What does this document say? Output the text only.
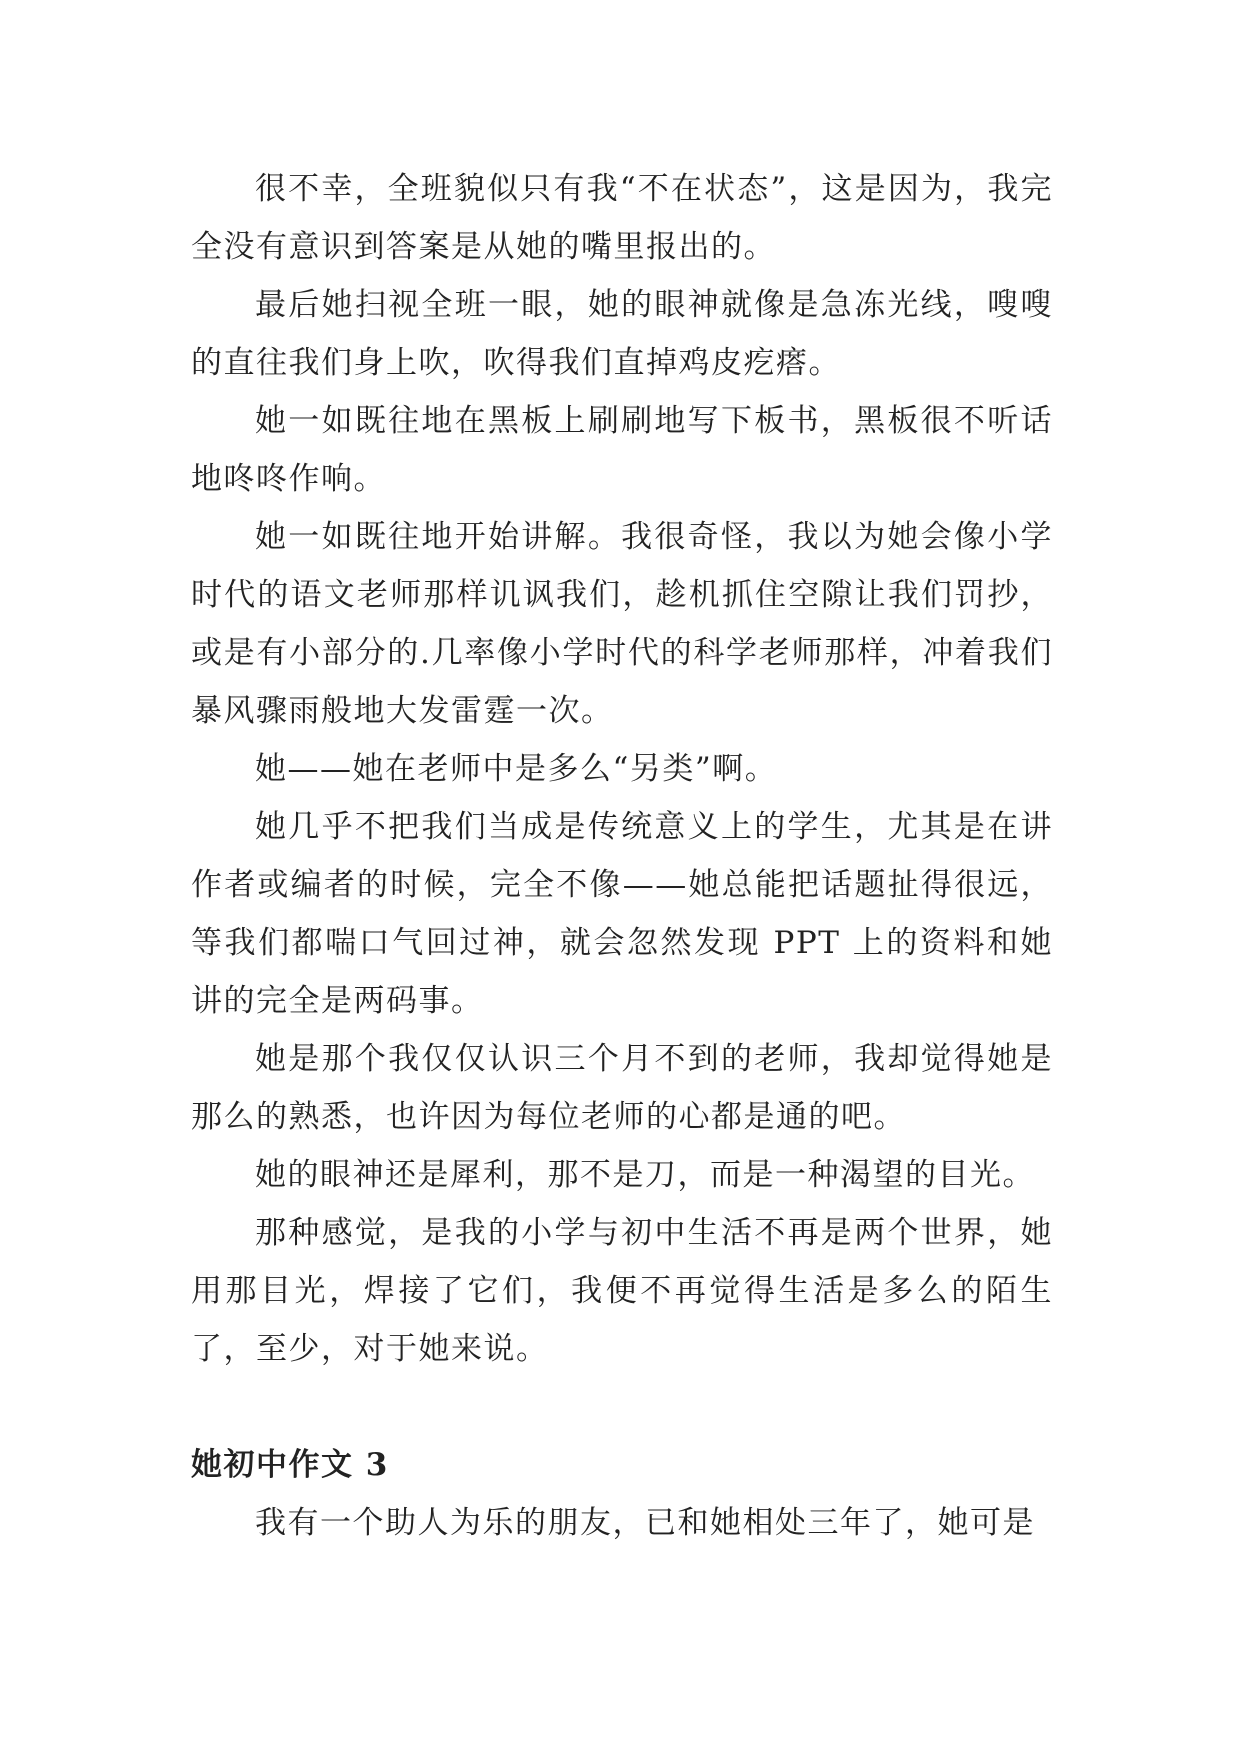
很不幸，全班貌似只有我“不在状态”，这是因为，我完全没有意识到答案是从她的嘴里报出的。

最后她扫视全班一眼，她的眼神就像是急冻光线，嗖嗖的直往我们身上吹，吹得我们直掉鸡皮疙瘩。

她一如既往地在黑板上刷刷地写下板书，黑板很不听话地咚咚作响。

她一如既往地开始讲解。我很奇怪，我以为她会像小学时代的语文老师那样讥讽我们，趁机抓住空隙让我们罚抄，或是有小部分的.几率像小学时代的科学老师那样，冲着我们暴风骤雨般地大发雷霆一次。

她——她在老师中是多么“另类”啊。

她几乎不把我们当成是传统意义上的学生，尤其是在讲作者或编者的时候，完全不像——她总能把话题扯得很远，等我们都喘口气回过神，就会忽然发现 PPT 上的资料和她讲的完全是两码事。

她是那个我仅仅认识三个月不到的老师，我却觉得她是那么的熟悉，也许因为每位老师的心都是通的吧。

她的眼神还是犀利，那不是刀，而是一种渴望的目光。

那种感觉，是我的小学与初中生活不再是两个世界，她用那目光，焊接了它们，我便不再觉得生活是多么的陌生了，至少，对于她来说。

她初中作文 3

我有一个助人为乐的朋友，已和她相处三年了，她可是
